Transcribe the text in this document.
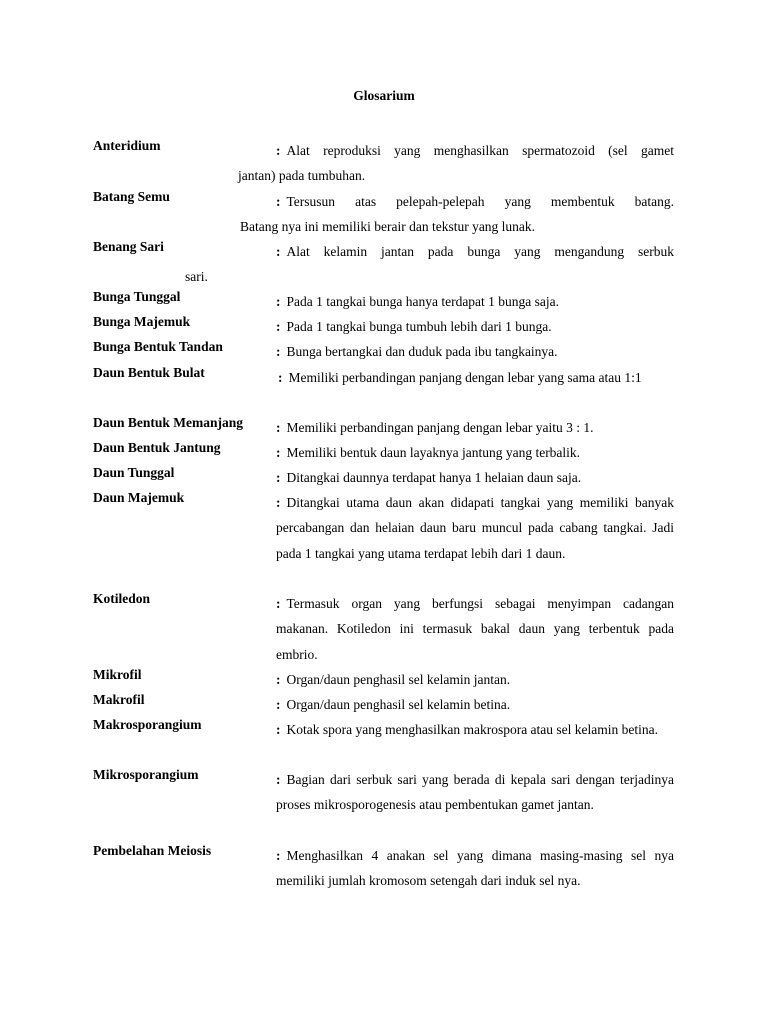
Glosarium
Anteridium	: Alat reproduksi yang menghasilkan spermatozoid (sel gamet
jantan) pada tumbuhan.
Batang Semu	: Tersusun atas pelepah-pelepah yang membentuk batang.
Batang nya ini memiliki berair dan tekstur yang lunak.
Benang Sari	: Alat kelamin jantan pada bunga yang mengandung serbuk
sari.
Bunga Tunggal	: Pada 1 tangkai bunga hanya terdapat 1 bunga saja.
Bunga Majemuk	: Pada 1 tangkai bunga tumbuh lebih dari 1 bunga.
Bunga Bentuk Tandan	: Bunga bertangkai dan duduk pada ibu tangkainya.
Daun Bentuk Bulat	: Memiliki perbandingan panjang dengan lebar yang sama atau 1:1
Daun Bentuk Memanjang : Memiliki perbandingan panjang dengan lebar yaitu 3 : 1.
Daun Bentuk Jantung	: Memiliki bentuk daun layaknya jantung yang terbalik.
Daun Tunggal	: Ditangkai daunnya terdapat hanya 1 helaian daun saja.
Daun Majemuk	: Ditangkai utama daun akan didapati tangkai yang memiliki banyak percabangan dan helaian daun baru muncul pada cabang tangkai. Jadi pada 1 tangkai yang utama terdapat lebih dari 1 daun.
Kotiledon	: Termasuk organ yang berfungsi sebagai menyimpan cadangan makanan. Kotiledon ini termasuk bakal daun yang terbentuk pada embrio.
Mikrofil	: Organ/daun penghasil sel kelamin jantan.
Makrofil	: Organ/daun penghasil sel kelamin betina.
Makrosporangium	: Kotak spora yang menghasilkan makrospora atau sel kelamin betina.
Mikrosporangium	: Bagian dari serbuk sari yang berada di kepala sari dengan terjadinya proses mikrosporogenesis atau pembentukan gamet jantan.
Pembelahan Meiosis	: Menghasilkan 4 anakan sel yang dimana masing-masing sel nya memiliki jumlah kromosom setengah dari induk sel nya.
